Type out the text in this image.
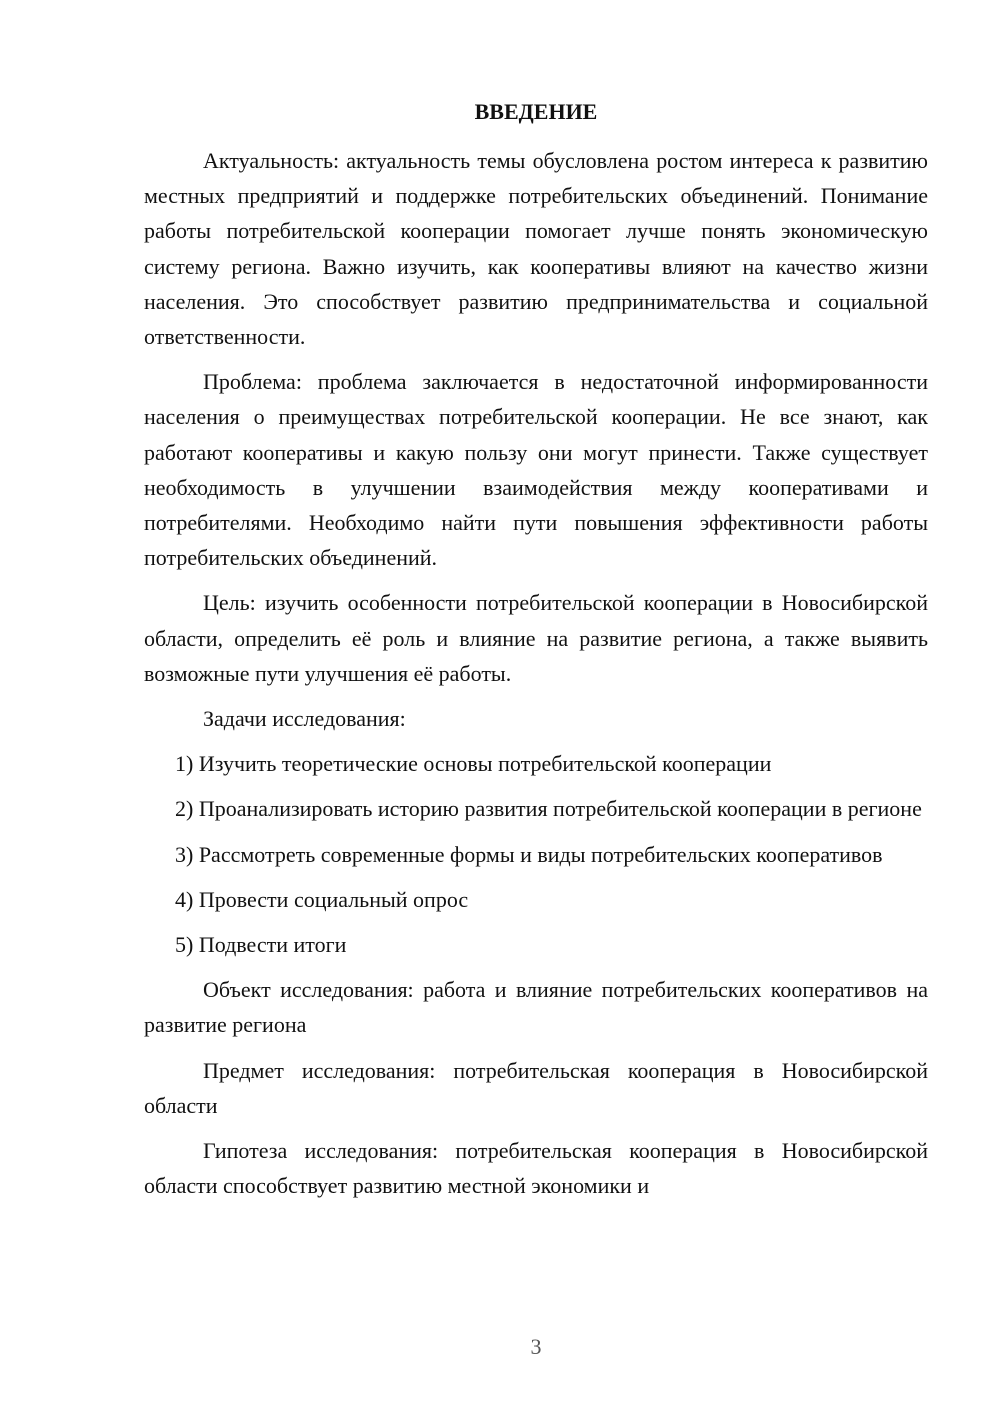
ВВЕДЕНИЕ

Актуальность: актуальность темы обусловлена ростом интереса к развитию местных предприятий и поддержке потребительских объединений. Понимание работы потребительской кооперации помогает лучше понять экономическую систему региона. Важно изучить, как кооперативы влияют на качество жизни населения. Это способствует развитию предпринимательства и социальной ответственности.

Проблема: проблема заключается в недостаточной информированности населения о преимуществах потребительской кооперации. Не все знают, как работают кооперативы и какую пользу они могут принести. Также существует необходимость в улучшении взаимодействия между кооперативами и потребителями. Необходимо найти пути повышения эффективности работы потребительских объединений.

Цель: изучить особенности потребительской кооперации в Новосибирской области, определить её роль и влияние на развитие региона, а также выявить возможные пути улучшения её работы.

Задачи исследования:

1) Изучить теоретические основы потребительской кооперации

2) Проанализировать историю развития потребительской кооперации в регионе

3) Рассмотреть современные формы и виды потребительских кооперативов

4) Провести социальный опрос

5) Подвести итоги

Объект исследования: работа и влияние потребительских кооперативов на развитие региона

Предмет исследования: потребительская кооперация в Новосибирской области

Гипотеза исследования: потребительская кооперация в Новосибирской области способствует развитию местной экономики и

3
